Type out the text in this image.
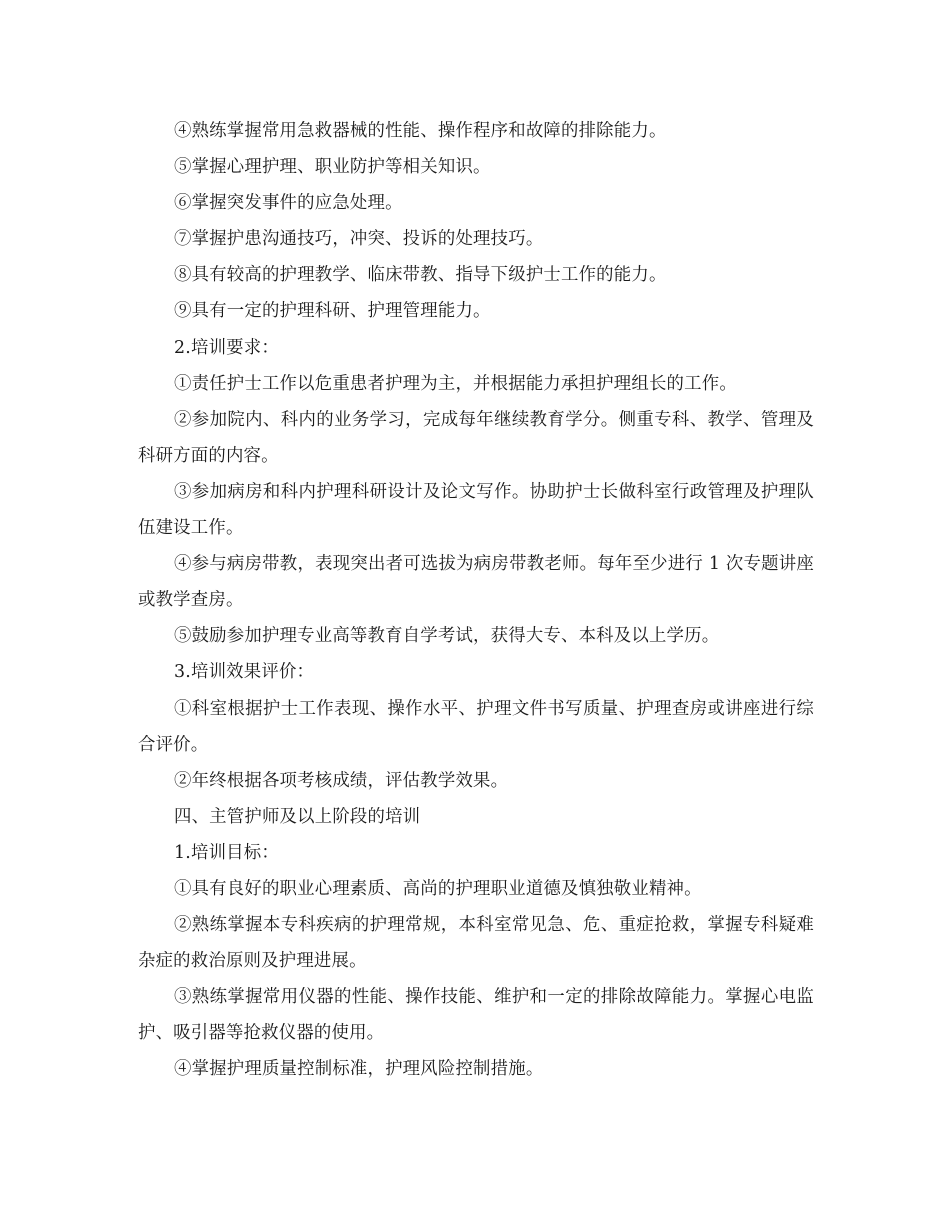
④熟练掌握常用急救器械的性能、操作程序和故障的排除能力。

⑤掌握心理护理、职业防护等相关知识。

⑥掌握突发事件的应急处理。

⑦掌握护患沟通技巧，冲突、投诉的处理技巧。

⑧具有较高的护理教学、临床带教、指导下级护士工作的能力。

⑨具有一定的护理科研、护理管理能力。

2.培训要求：

①责任护士工作以危重患者护理为主，并根据能力承担护理组长的工作。

②参加院内、科内的业务学习，完成每年继续教育学分。侧重专科、教学、管理及科研方面的内容。

③参加病房和科内护理科研设计及论文写作。协助护士长做科室行政管理及护理队伍建设工作。

④参与病房带教，表现突出者可选拔为病房带教老师。每年至少进行 1 次专题讲座或教学查房。

⑤鼓励参加护理专业高等教育自学考试，获得大专、本科及以上学历。

3.培训效果评价：

①科室根据护士工作表现、操作水平、护理文件书写质量、护理查房或讲座进行综合评价。

②年终根据各项考核成绩，评估教学效果。

四、主管护师及以上阶段的培训

1.培训目标：

①具有良好的职业心理素质、高尚的护理职业道德及慎独敬业精神。

②熟练掌握本专科疾病的护理常规，本科室常见急、危、重症抢救，掌握专科疑难杂症的救治原则及护理进展。

③熟练掌握常用仪器的性能、操作技能、维护和一定的排除故障能力。掌握心电监护、吸引器等抢救仪器的使用。

④掌握护理质量控制标准，护理风险控制措施。
